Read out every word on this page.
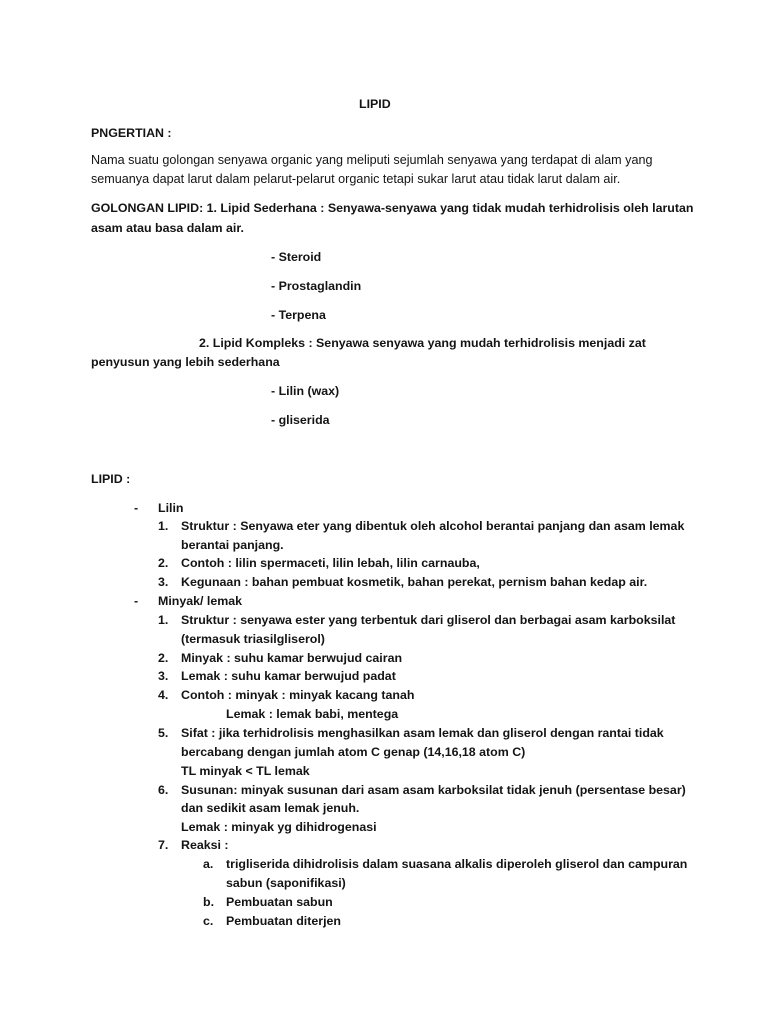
LIPID
PNGERTIAN :
Nama suatu golongan senyawa organic yang meliputi sejumlah senyawa yang terdapat di alam yang
semuanya dapat larut dalam pelarut-pelarut organic tetapi sukar larut atau tidak larut dalam air.
GOLONGAN LIPID: 1. Lipid Sederhana : Senyawa-senyawa yang tidak mudah terhidrolisis oleh larutan
asam atau basa dalam air.
- Steroid
- Prostaglandin
- Terpena
2. Lipid Kompleks : Senyawa senyawa yang mudah terhidrolisis menjadi zat
penyusun yang lebih sederhana
- Lilin (wax)
- gliserida
LIPID :
- Lilin
1. Struktur : Senyawa eter yang dibentuk oleh alcohol berantai panjang dan asam lemak
berantai panjang.
2. Contoh : lilin spermaceti, lilin lebah, lilin carnauba,
3. Kegunaan : bahan pembuat kosmetik, bahan perekat, pernism bahan kedap air.
- Minyak/ lemak
1. Struktur : senyawa ester yang terbentuk dari gliserol dan berbagai asam karboksilat
(termasuk triasilgliserol)
2. Minyak : suhu kamar berwujud cairan
3. Lemak : suhu kamar berwujud padat
4. Contoh : minyak : minyak kacang tanah
Lemak : lemak babi, mentega
5. Sifat : jika terhidrolisis menghasilkan asam lemak dan gliserol dengan rantai tidak
bercabang dengan jumlah atom C genap (14,16,18 atom C)
TL minyak < TL lemak
6. Susunan: minyak susunan dari asam asam karboksilat tidak jenuh (persentase besar)
dan sedikit asam lemak jenuh.
Lemak : minyak yg dihidrogenasi
7. Reaksi :
a. trigliserida dihidrolisis dalam suasana alkalis diperoleh gliserol dan campuran
sabun (saponifikasi)
b. Pembuatan sabun
c. Pembuatan diterjen
